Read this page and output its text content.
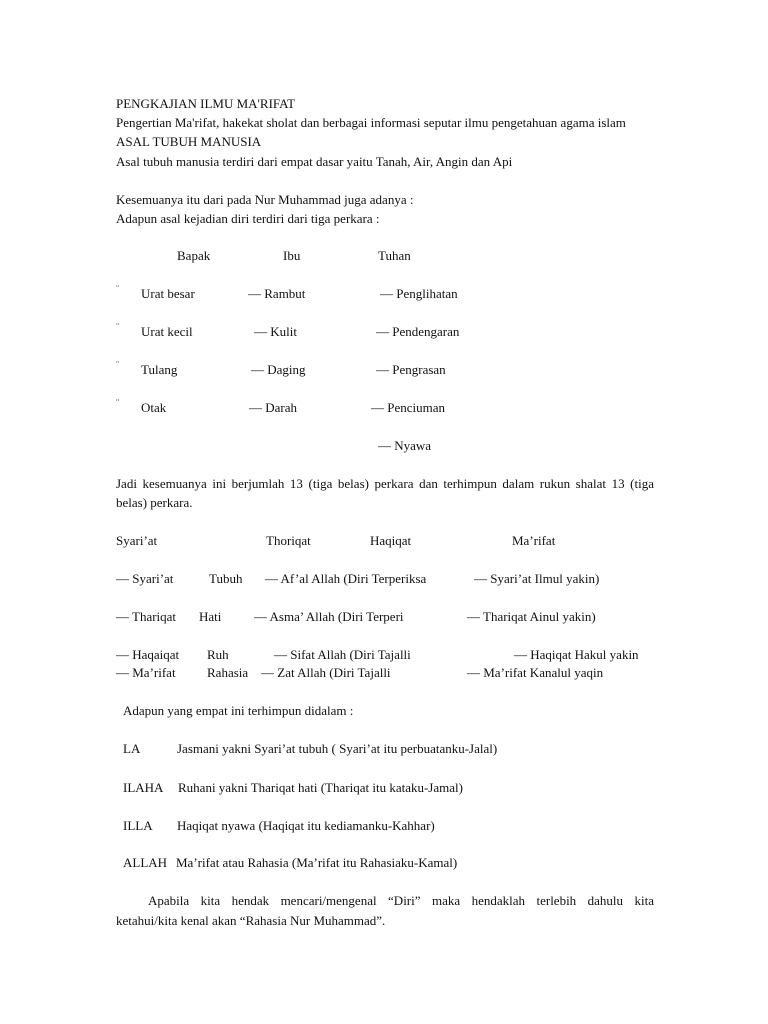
PENGKAJIAN ILMU MA'RIFAT
Pengertian Ma'rifat, hakekat sholat dan berbagai informasi seputar ilmu pengetahuan agama islam
ASAL TUBUH MANUSIA
Asal tubuh manusia terdiri dari empat dasar yaitu Tanah, Air, Angin dan Api
Kesemuanya itu dari pada Nur Muhammad juga adanya :
Adapun asal kejadian diri terdiri dari tiga perkara :
Bapak	Ibu	Tuhan
¨ Urat besar	— Rambut	— Penglihatan
¨ Urat kecil	— Kulit	— Pendengaran
¨ Tulang	— Daging	— Pengrasan
¨ Otak	— Darah	— Penciuman
— Nyawa
Jadi kesemuanya ini berjumlah 13 (tiga belas) perkara dan terhimpun dalam rukun shalat 13 (tiga
belas) perkara.
Syari’at	Thoriqat	Haqiqat	Ma’rifat
— Syari’at	Tubuh — Af’al Allah (Diri Terperiksa	— Syari’at Ilmul yakin)
— Thariqat Hati	— Asma’ Allah (Diri Terperi	— Thariqat Ainul yakin)
— Haqaiqat Ruh	— Sifat Allah (Diri Tajalli	— Haqiqat Hakul yakin
— Ma’rifat Rahasia — Zat Allah (Diri Tajalli	— Ma’rifat Kanalul yaqin
Adapun yang empat ini terhimpun didalam :
LA	Jasmani yakni Syari’at tubuh ( Syari’at itu perbuatanku-Jalal)
ILAHA Ruhani yakni Thariqat hati (Thariqat itu kataku-Jamal)
ILLA Haqiqat nyawa (Haqiqat itu kediamanku-Kahhar)
ALLAH Ma’rifat atau Rahasia (Ma’rifat itu Rahasiaku-Kamal)
Apabila kita hendak mencari/mengenal “Diri” maka hendaklah terlebih dahulu kita
ketahui/kita kenal akan “Rahasia Nur Muhammad”.
